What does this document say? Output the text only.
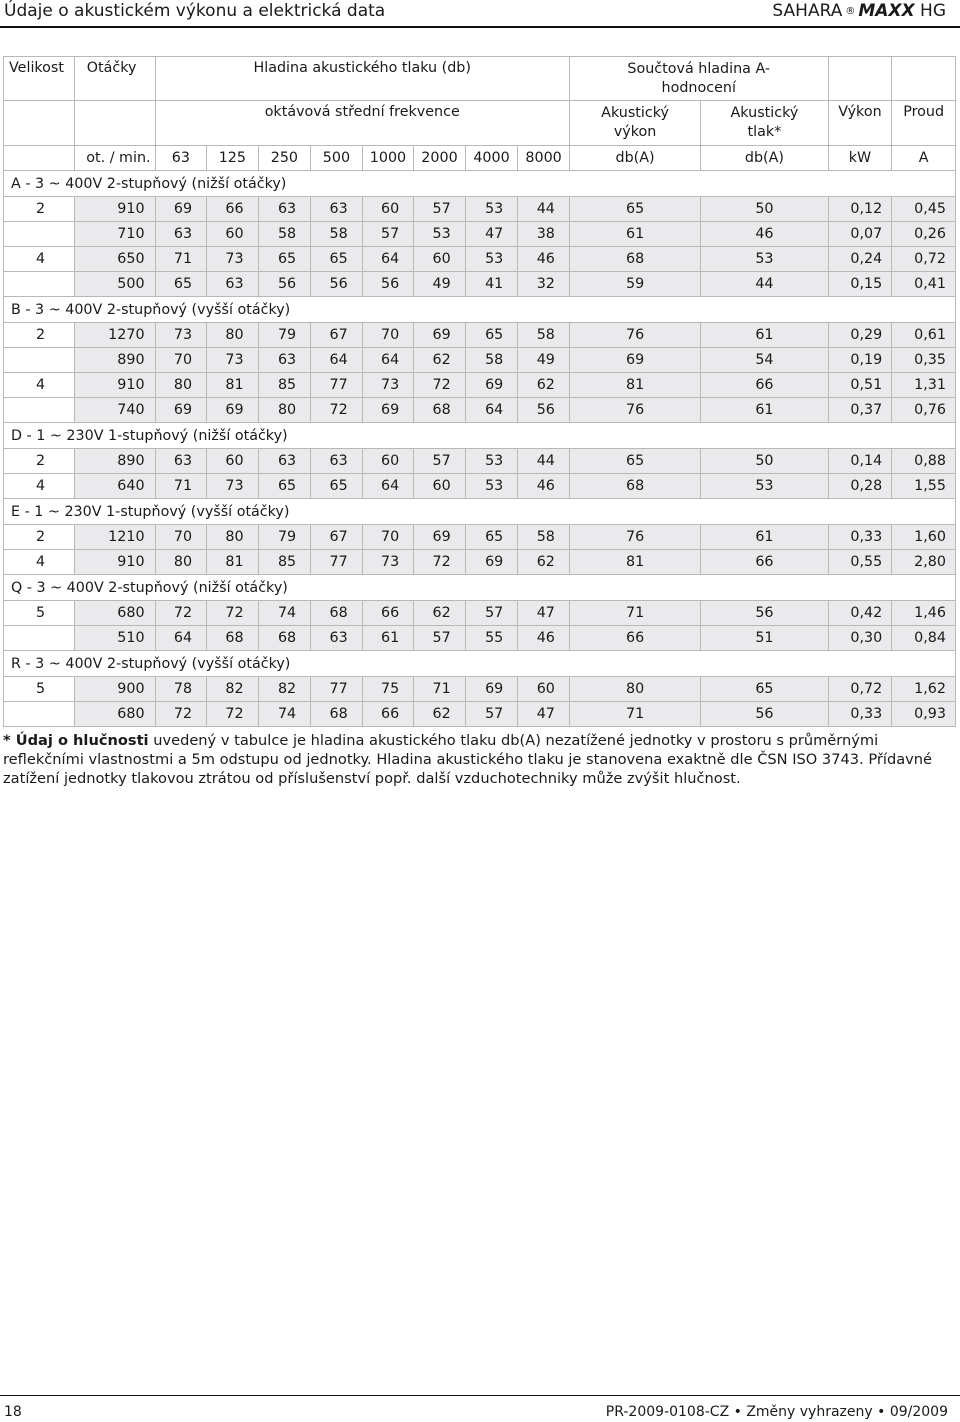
Údaje o akustickém výkonu a elektrická data	SAHARA ® MAXX HG
Velikost	Otáčky	Hladina akustického tlaku (db)								Součtová hladina A-hodnocení			
		oktávová střední frekvence								Akustický výkon	Akustický tlak*	Výkon	Proud
	ot. / min.	63	125	250	500	1000	2000	4000	8000	db(A)	db(A)	kW	A
A - 3 ~ 400V 2-stupňový (nižší otáčky)													
2	910	69	66	63	63	60	57	53	44	65	50	0,12	0,45
	710	63	60	58	58	57	53	47	38	61	46	0,07	0,26
4	650	71	73	65	65	64	60	53	46	68	53	0,24	0,72
	500	65	63	56	56	56	49	41	32	59	44	0,15	0,41
B - 3 ~ 400V 2-stupňový (vyšší otáčky)													
2	1270	73	80	79	67	70	69	65	58	76	61	0,29	0,61
	890	70	73	63	64	64	62	58	49	69	54	0,19	0,35
4	910	80	81	85	77	73	72	69	62	81	66	0,51	1,31
	740	69	69	80	72	69	68	64	56	76	61	0,37	0,76
D - 1 ~ 230V 1-stupňový (nižší otáčky)													
2	890	63	60	63	63	60	57	53	44	65	50	0,14	0,88
4	640	71	73	65	65	64	60	53	46	68	53	0,28	1,55
E - 1 ~ 230V 1-stupňový (vyšší otáčky)													
2	1210	70	80	79	67	70	69	65	58	76	61	0,33	1,60
4	910	80	81	85	77	73	72	69	62	81	66	0,55	2,80
Q - 3 ~ 400V 2-stupňový (nižší otáčky)													
5	680	72	72	74	68	66	62	57	47	71	56	0,42	1,46
	510	64	68	68	63	61	57	55	46	66	51	0,30	0,84
R - 3 ~ 400V 2-stupňový (vyšší otáčky)													
5	900	78	82	82	77	75	71	69	60	80	65	0,72	1,62
	680	72	72	74	68	66	62	57	47	71	56	0,33	0,93
* Údaj o hlučnosti uvedený v tabulce je hladina akustického tlaku db(A) nezatížené jednotky v prostoru s průměrnými reflekčními vlastnostmi a 5m odstupu od jednotky. Hladina akustického tlaku je stanovena exaktně dle ČSN ISO 3743. Přídavné zatížení jednotky tlakovou ztrátou od příslušenství popř. další vzduchotechniky může zvýšit hlučnost.
18	PR-2009-0108-CZ • Změny vyhrazeny • 09/2009
